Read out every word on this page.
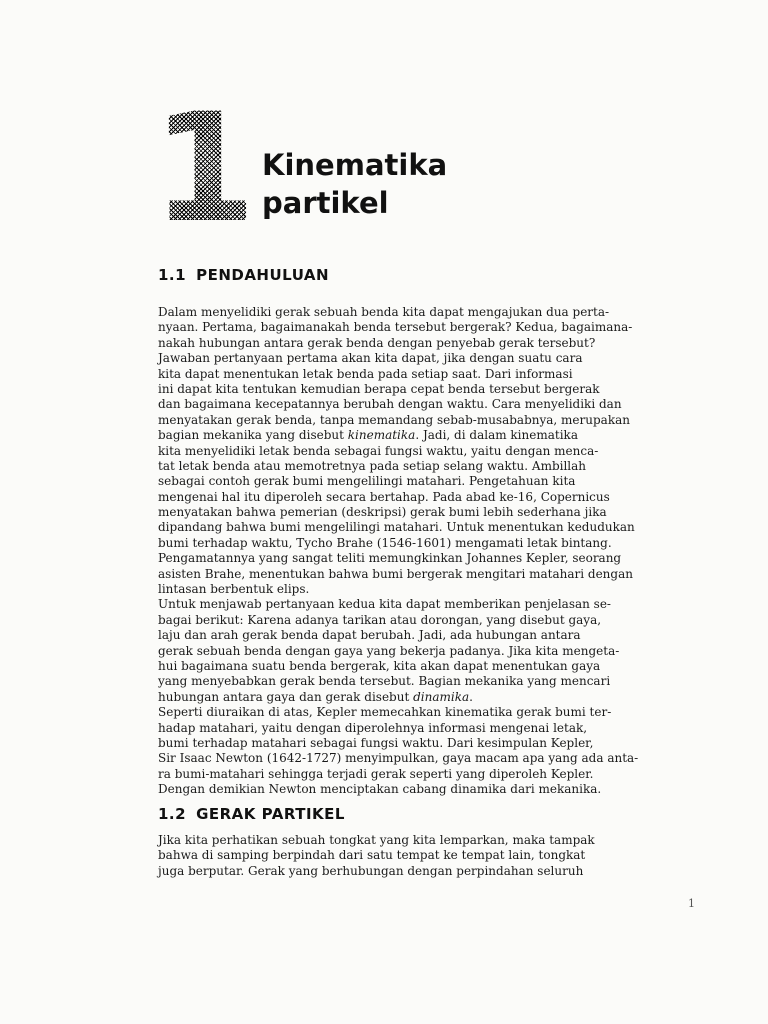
1 Kinematika
partikel
1.1 PENDAHULUAN
Dalam menyelidiki gerak sebuah benda kita dapat mengajukan dua perta-
nyaan. Pertama, bagaimanakah benda tersebut bergerak? Kedua, bagaimana-
nakah hubungan antara gerak benda dengan penyebab gerak tersebut?
Jawaban pertanyaan pertama akan kita dapat, jika dengan suatu cara
kita dapat menentukan letak benda pada setiap saat. Dari informasi
ini dapat kita tentukan kemudian berapa cepat benda tersebut bergerak
dan bagaimana kecepatannya berubah dengan waktu. Cara menyelidiki dan
menyatakan gerak benda, tanpa memandang sebab-musababnya, merupakan
bagian mekanika yang disebut kinematika. Jadi, di dalam kinematika
kita menyelidiki letak benda sebagai fungsi waktu, yaitu dengan menca-
tat letak benda atau memotretnya pada setiap selang waktu. Ambillah
sebagai contoh gerak bumi mengelilingi matahari. Pengetahuan kita
mengenai hal itu diperoleh secara bertahap. Pada abad ke-16, Copernicus
menyatakan bahwa pemerian (deskripsi) gerak bumi lebih sederhana jika
dipandang bahwa bumi mengelilingi matahari. Untuk menentukan kedudukan
bumi terhadap waktu, Tycho Brahe (1546-1601) mengamati letak bintang.
Pengamatannya yang sangat teliti memungkinkan Johannes Kepler, seorang
asisten Brahe, menentukan bahwa bumi bergerak mengitari matahari dengan
lintasan berbentuk elips.
Untuk menjawab pertanyaan kedua kita dapat memberikan penjelasan se-
bagai berikut: Karena adanya tarikan atau dorongan, yang disebut gaya,
laju dan arah gerak benda dapat berubah. Jadi, ada hubungan antara
gerak sebuah benda dengan gaya yang bekerja padanya. Jika kita mengeta-
hui bagaimana suatu benda bergerak, kita akan dapat menentukan gaya
yang menyebabkan gerak benda tersebut. Bagian mekanika yang mencari
hubungan antara gaya dan gerak disebut dinamika.
Seperti diuraikan di atas, Kepler memecahkan kinematika gerak bumi ter-
hadap matahari, yaitu dengan diperolehnya informasi mengenai letak,
bumi terhadap matahari sebagai fungsi waktu. Dari kesimpulan Kepler,
Sir Isaac Newton (1642-1727) menyimpulkan, gaya macam apa yang ada anta-
ra bumi-matahari sehingga terjadi gerak seperti yang diperoleh Kepler.
Dengan demikian Newton menciptakan cabang dinamika dari mekanika.
1.2 GERAK PARTIKEL
Jika kita perhatikan sebuah tongkat yang kita lemparkan, maka tampak
bahwa di samping berpindah dari satu tempat ke tempat lain, tongkat
juga berputar. Gerak yang berhubungan dengan perpindahan seluruh
1
